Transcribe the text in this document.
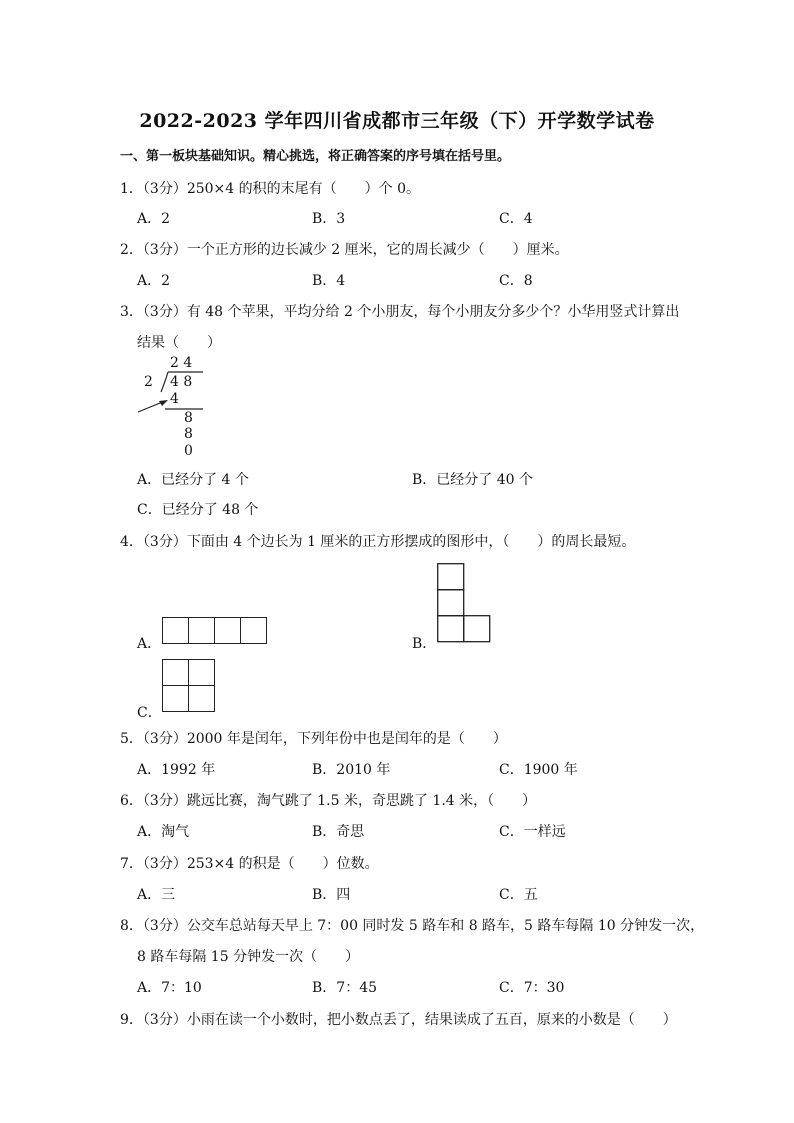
2022-2023 学年四川省成都市三年级（下）开学数学试卷
一、第一板块基础知识。精心挑选，将正确答案的序号填在括号里。
1．（3分）250×4 的积的末尾有（　　）个 0。
A．2	B．3	C．4
2．（3分）一个正方形的边长减少 2 厘米，它的周长减少（　　）厘米。
A．2	B．4	C．8
3．（3分）有 48 个苹果，平均分给 2 个小朋友，每个小朋友分多少个？小华用竖式计算出
结果（　　）
2 4
2 4 8
4
8
8
0
A．已经分了 4 个	B．已经分了 40 个
C．已经分了 48 个
4．（3分）下面由 4 个边长为 1 厘米的正方形摆成的图形中，（　　）的周长最短。
A．	B．
C．
5．（3分）2000 年是闰年，下列年份中也是闰年的是（　　）
A．1992 年	B．2010 年	C．1900 年
6．（3分）跳远比赛，淘气跳了 1.5 米，奇思跳了 1.4 米，（　　）
A．淘气	B．奇思	C．一样远
7．（3分）253×4 的积是（　　）位数。
A．三	B．四	C．五
8．（3分）公交车总站每天早上 7：00 同时发 5 路车和 8 路车，5 路车每隔 10 分钟发一次，
8 路车每隔 15 分钟发一次（　　）
A．7：10	B．7：45	C．7：30
9．（3分）小雨在读一个小数时，把小数点丢了，结果读成了五百，原来的小数是（　　）
